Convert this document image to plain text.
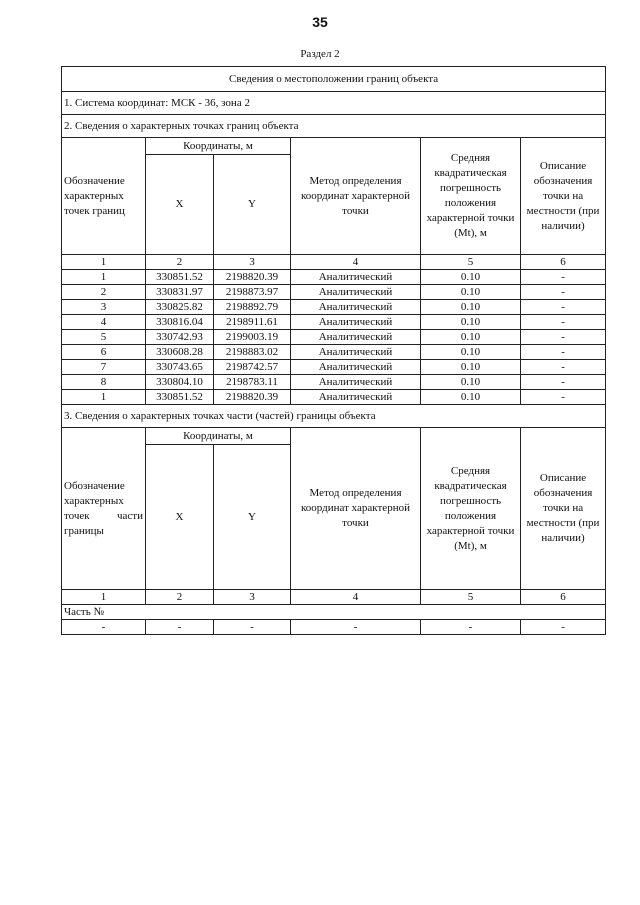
35
Раздел 2
Сведения о местоположении границ объекта					
1. Система координат: МСК - 36, зона 2					
2. Сведения о характерных точках границ объекта					
Обозначение характерных точек границ	Координаты, м		Метод определения координат характерной точки	Средняя квадратическая погрешность положения характерной точки (Mt), м	Описание обозначения точки на местности (при наличии)
	X	Y			
1	2	3	4	5	6
1	330851.52	2198820.39	Аналитический	0.10	-
2	330831.97	2198873.97	Аналитический	0.10	-
3	330825.82	2198892.79	Аналитический	0.10	-
4	330816.04	2198911.61	Аналитический	0.10	-
5	330742.93	2199003.19	Аналитический	0.10	-
6	330608.28	2198883.02	Аналитический	0.10	-
7	330743.65	2198742.57	Аналитический	0.10	-
8	330804.10	2198783.11	Аналитический	0.10	-
1	330851.52	2198820.39	Аналитический	0.10	-
3. Сведения о характерных точках части (частей) границы объекта					
Обозначение характерных точек части границы	Координаты, м		Метод определения координат характерной точки	Средняя квадратическая погрешность положения характерной точки (Mt), м	Описание обозначения точки на местности (при наличии)
	X	Y			
1	2	3	4	5	6
Часть №					
-	-	-	-	-	-
